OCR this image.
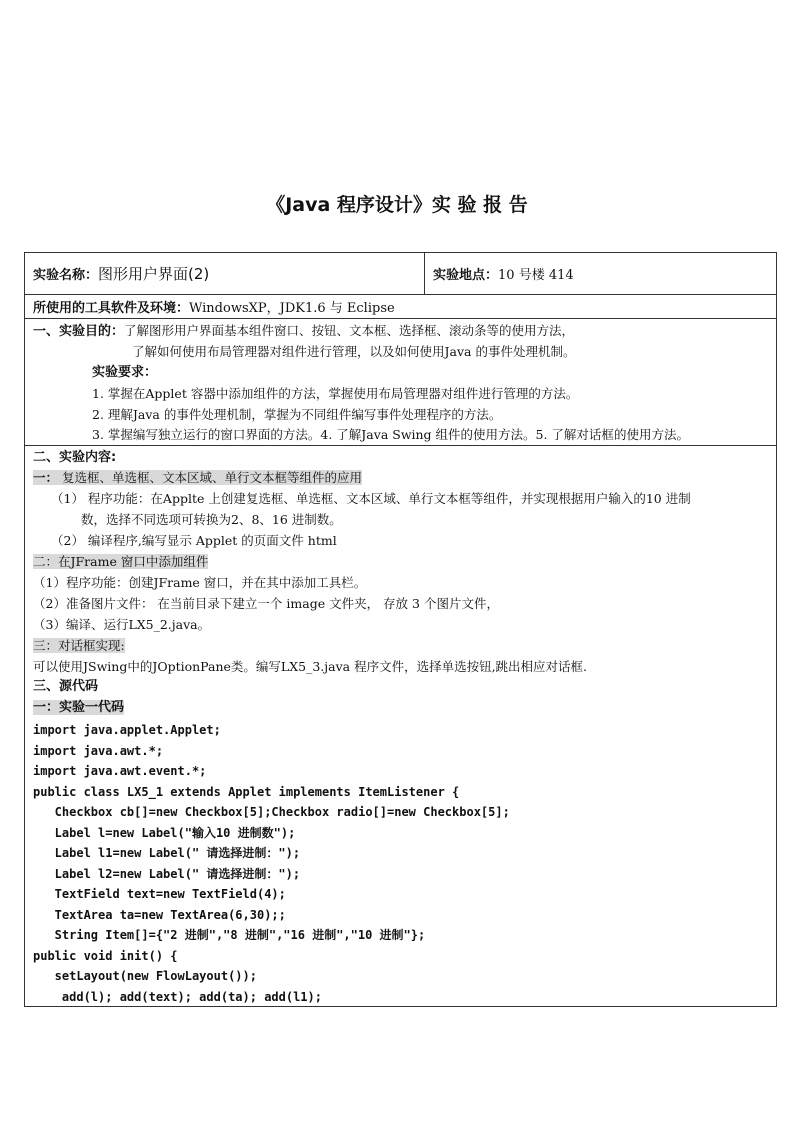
《Java 程序设计》实 验 报 告
实验名称： 图形用户界面(2)	实验地点： 10 号楼 414
所使用的工具软件及环境： WindowsXP，JDK1.6 与 Eclipse
一、实验目的：了解图形用户界面基本组件窗口、按钮、文本框、选择框、滚动条等的使用方法，
了解如何使用布局管理器对组件进行管理，以及如何使用Java 的事件处理机制。
实验要求：
1. 掌握在Applet 容器中添加组件的方法，掌握使用布局管理器对组件进行管理的方法。
2. 理解Java 的事件处理机制，掌握为不同组件编写事件处理程序的方法。
3. 掌握编写独立运行的窗口界面的方法。4. 了解Java Swing 组件的使用方法。5. 了解对话框的使用方法。
二、实验内容:
一： 复选框、单选框、文本区域、单行文本框等组件的应用
（1） 程序功能：在Applte 上创建复选框、单选框、文本区域、单行文本框等组件，并实现根据用户输入的10 进制
数，选择不同选项可转换为2、8、16 进制数。
（2） 编译程序,编写显示 Applet 的页面文件 html
二：在JFrame 窗口中添加组件
（1）程序功能：创建JFrame 窗口，并在其中添加工具栏。
（2）准备图片文件： 在当前目录下建立一个 image 文件夹， 存放 3 个图片文件，
（3）编译、运行LX5_2.java。
三：对话框实现:
可以使用JSwing中的JOptionPane类。编写LX5_3.java 程序文件，选择单选按钮,跳出相应对话框.
三、源代码
一：实验一代码
import java.applet.Applet;
import java.awt.*;
import java.awt.event.*;
public class LX5_1 extends Applet implements ItemListener {
Checkbox cb[]=new Checkbox[5];Checkbox radio[]=new Checkbox[5];
Label l=new Label("输入10 进制数");
Label l1=new Label(" 请选择进制：");
Label l2=new Label(" 请选择进制：");
TextField text=new TextField(4);
TextArea ta=new TextArea(6,30);;
String Item[]={"2 进制","8 进制","16 进制","10 进制"};
public void init() {
setLayout(new FlowLayout());
add(l); add(text); add(ta); add(l1);
